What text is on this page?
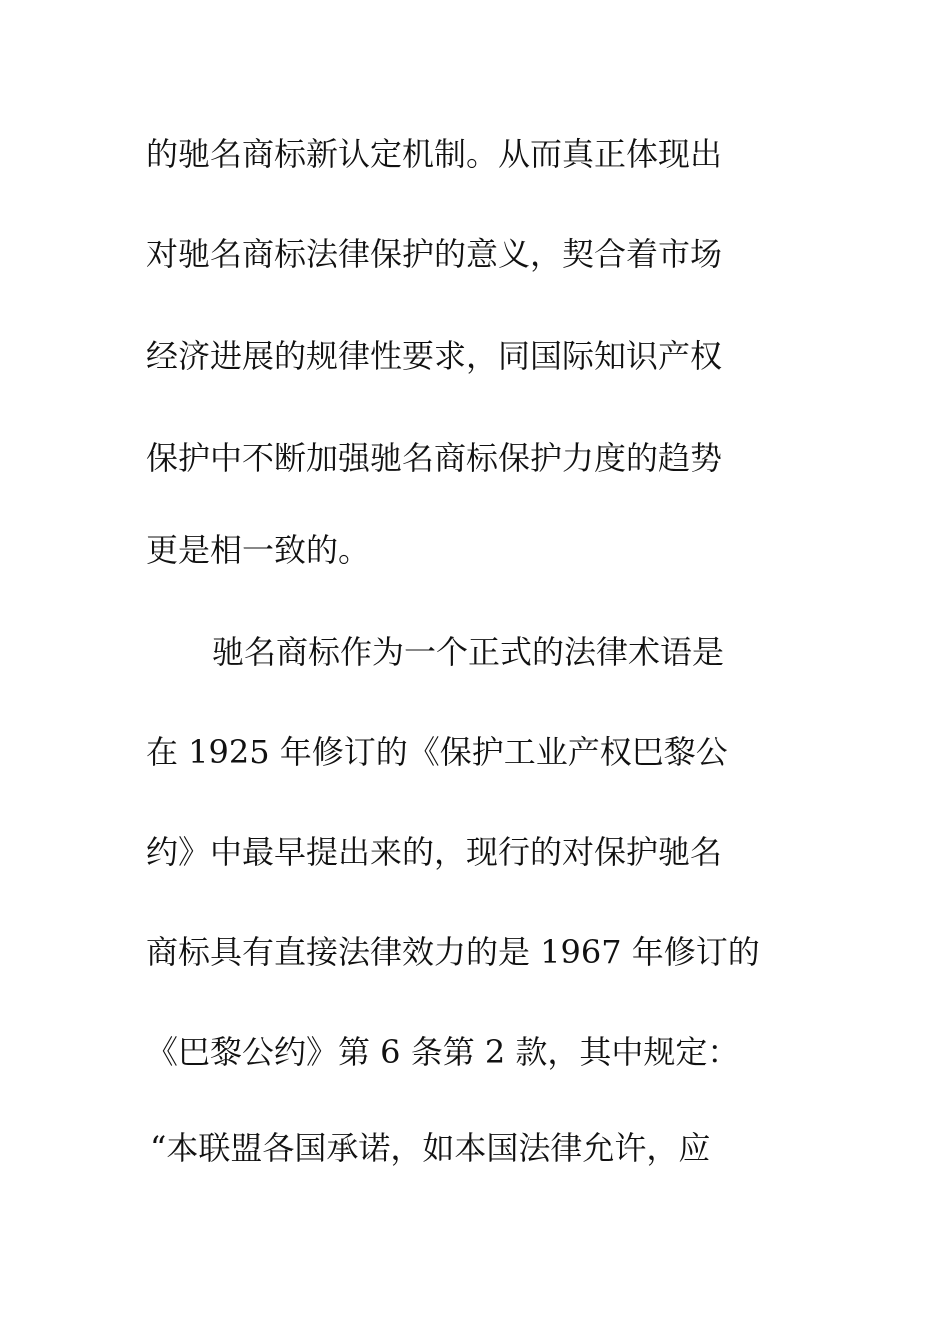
的驰名商标新认定机制。从而真正体现出
对驰名商标法律保护的意义，契合着市场
经济进展的规律性要求，同国际知识产权
保护中不断加强驰名商标保护力度的趋势
更是相一致的。
驰名商标作为一个正式的法律术语是
在 1925 年修订的《保护工业产权巴黎公
约》中最早提出来的，现行的对保护驰名
商标具有直接法律效力的是 1967 年修订的
《巴黎公约》第 6 条第 2 款，其中规定：
“本联盟各国承诺，如本国法律允许，应
